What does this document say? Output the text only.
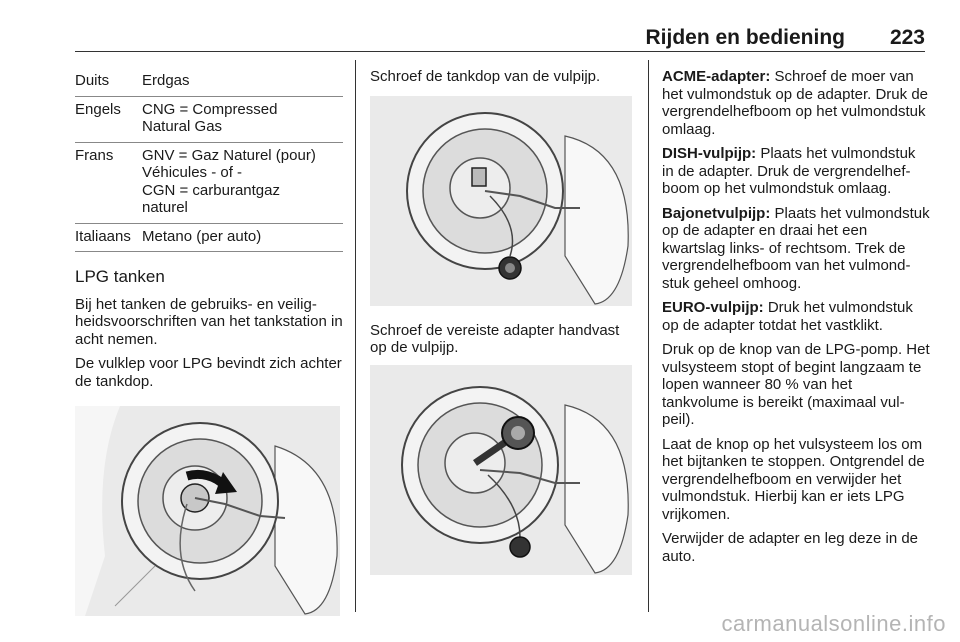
Rijden en bediening 223
Duits	Erdgas
Engels	CNG = Compressed
Natural Gas
Frans	GNV = Gaz Naturel (pour)
Véhicules - of -
CGN = carburantgaz
naturel
Italiaans Metano (per auto)
LPG tanken

Bij het tanken de gebruiks- en veiligheidsvoorschriften van het tankstation in acht nemen.

De vulklep voor LPG bevindt zich achter de tankdop.

Schroef de tankdop van de vulpijp.

Schroef de vereiste adapter handvast op de vulpijp.

ACME-adapter: Schroef de moer van het vulmondstuk op de adapter. Druk de vergrendelhefboom op het vulmondstuk omlaag.

DISH-vulpijp: Plaats het vulmondstuk in de adapter. Druk de vergrendelhefboom op het vulmondstuk omlaag.

Bajonetvulpijp: Plaats het vulmondstuk op de adapter en draai het een kwartslag links- of rechtsom. Trek de vergrendelhefboom van het vulmondstuk geheel omhoog.

EURO-vulpijp: Druk het vulmondstuk op de adapter totdat het vastklikt.

Druk op de knop van de LPG-pomp. Het vulsysteem stopt of begint langzaam te lopen wanneer 80 % van het tankvolume is bereikt (maximaal vulpeil).

Laat de knop op het vulsysteem los om het bijtanken te stoppen. Ontgrendel de vergrendelhefboom en verwijder het vulmondstuk. Hierbij kan er iets LPG vrijkomen.

Verwijder de adapter en leg deze in de auto.

carmanualsonline.info
